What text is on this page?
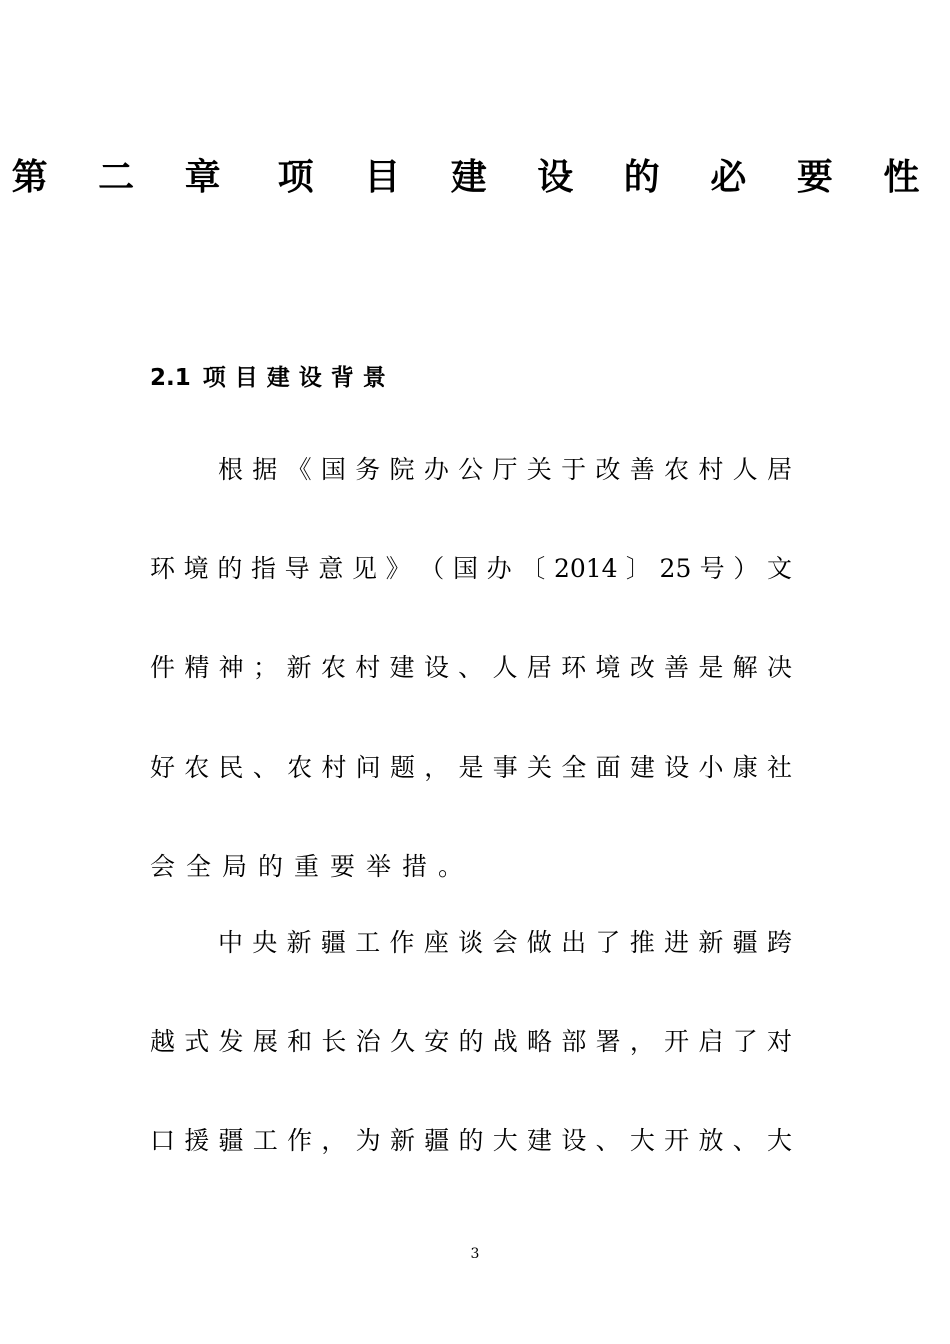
第 二 章 项 目 建 设 的 必 要 性
2.1 项目建设背景
根 据 《 国 务 院 办 公 厅 关 于 改 善 农 村 人 居
环 境 的 指 导 意 见 》 （ 国 办 〔 2014 〕 25 号 ） 文
件 精 神 ； 新 农 村 建 设 、 人 居 环 境 改 善 是 解 决
好 农 民 、 农 村 问 题 ， 是 事 关 全 面 建 设 小 康 社
会全局的重要举措。
中 央 新 疆 工 作 座 谈 会 做 出 了 推 进 新 疆 跨
越 式 发 展 和 长 治 久 安 的 战 略 部 署 ， 开 启 了 对
口 援 疆 工 作 ， 为 新 疆 的 大 建 设 、 大 开 放 、 大
3
